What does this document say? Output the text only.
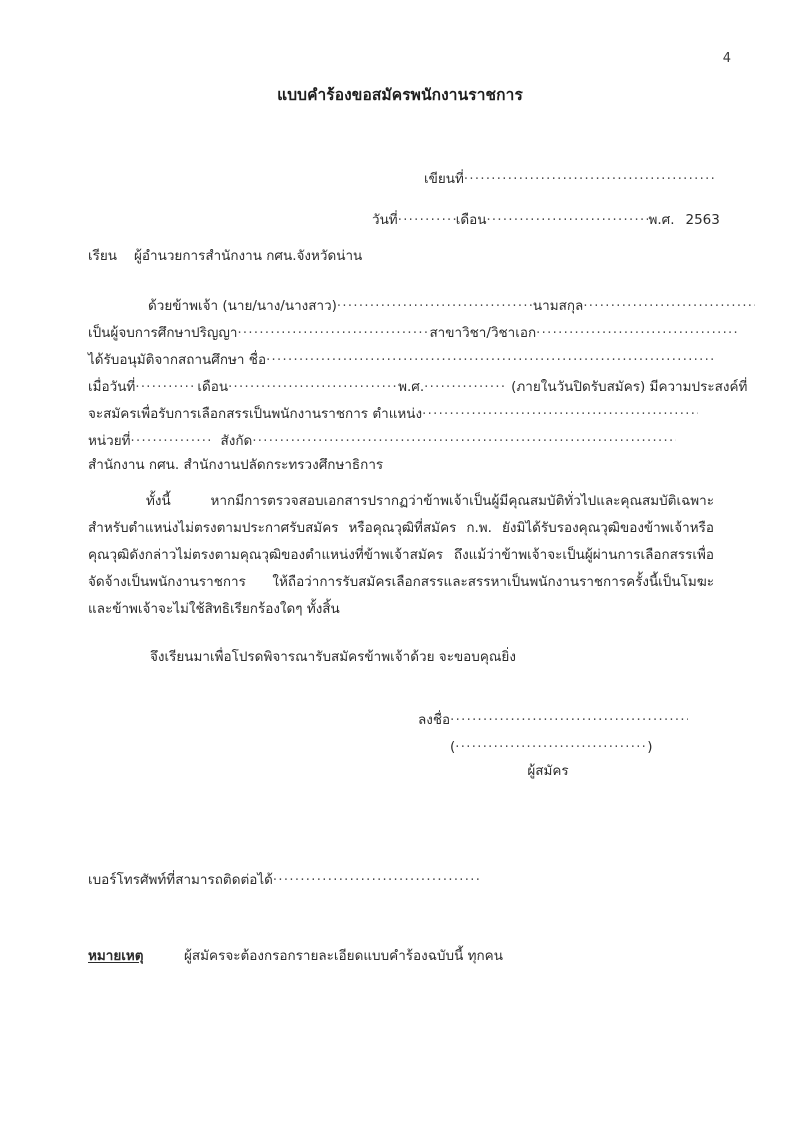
4
แบบคำร้องขอสมัครพนักงานราชการ
เขียนที่.....
วันที่ .....	เดือน .....	พ.ศ. 2563
เรียน ผู้อำนวยการสำนักงาน กศน.จังหวัดน่าน
ด้วยข้าพเจ้า (นาย/นาง/นางสาว) .....	นามสกุล.....
เป็นผู้จบการศึกษาปริญญา .....	สาขาวิชา/วิชาเอก.....
ได้รับอนุมัติจากสถานศึกษา ชื่อ.....
เมื่อวันที่ .....	เดือน .....	พ.ศ. .....	(ภายในวันปิดรับสมัคร) มีความประสงค์ที่
จะสมัครเพื่อรับการเลือกสรรเป็นพนักงานราชการ ตำแหน่ง.....
หน่วยที่ .....	สังกัด.....
สำนักงาน กศน. สำนักงานปลัดกระทรวงศึกษาธิการ
ทั้งนี้ หากมีการตรวจสอบเอกสารปรากฏว่าข้าพเจ้าเป็นผู้มีคุณสมบัติทั่วไปและคุณสมบัติเฉพาะสำหรับตำแหน่งไม่ตรงตามประกาศรับสมัคร หรือคุณวุฒิที่สมัคร ก.พ. ยังมิได้รับรองคุณวุฒิของข้าพเจ้าหรือคุณวุฒิดังกล่าวไม่ตรงตามคุณวุฒิของตำแหน่งที่ข้าพเจ้าสมัคร ถึงแม้ว่าข้าพเจ้าจะเป็นผู้ผ่านการเลือกสรรเพื่อจัดจ้างเป็นพนักงานราชการ ให้ถือว่าการรับสมัครเลือกสรรและสรรหาเป็นพนักงานราชการครั้งนี้เป็นโมฆะและข้าพเจ้าจะไม่ใช้สิทธิเรียกร้องใดๆ ทั้งสิ้น
จึงเรียนมาเพื่อโปรดพิจารณารับสมัครข้าพเจ้าด้วย จะขอบคุณยิ่ง
ลงชื่อ.....
( .....	)
ผู้สมัคร
เบอร์โทรศัพท์ที่สามารถติดต่อได้.....
หมายเหตุ	ผู้สมัครจะต้องกรอกรายละเอียดแบบคำร้องฉบับนี้ ทุกคน
